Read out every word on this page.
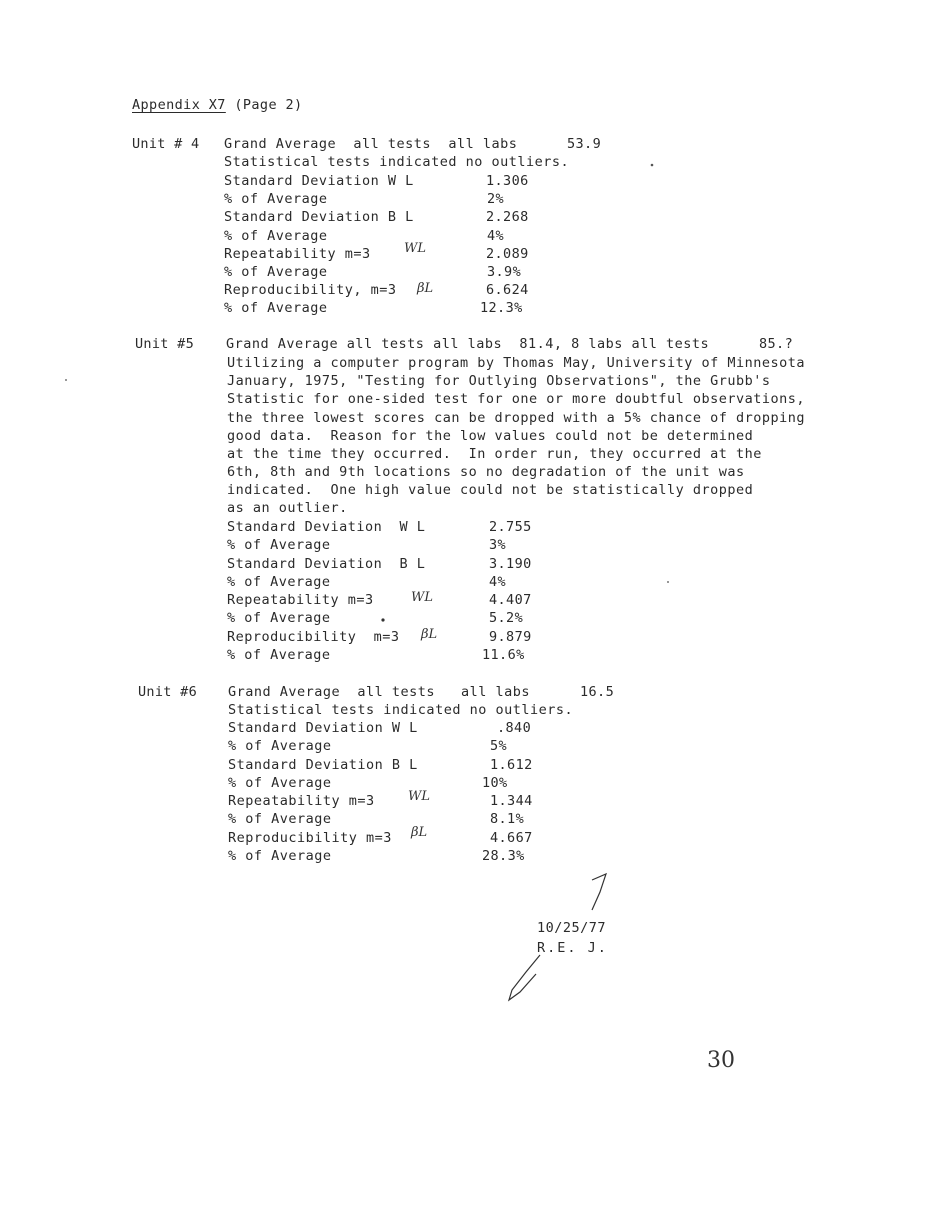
Appendix X7 (Page 2)
Unit # 4 Grand Average  all tests  all labs	53.9
Statistical tests indicated no outliers.
Standard Deviation W L	1.306
% of Average	2%
Standard Deviation B L	2.268
% of Average	4%
Repeatability m=3	WL	2.089
% of Average	3.9%
Reproducibility, m=3 βL	6.624
% of Average	12.3%
Unit #5 Grand Average all tests all labs  81.4, 8 labs all tests	85.?
Utilizing a computer program by Thomas May, University of Minnesota
January, 1975, "Testing for Outlying Observations", the Grubb's
Statistic for one-sided test for one or more doubtful observations,
the three lowest scores can be dropped with a 5% chance of dropping
good data.  Reason for the low values could not be determined
at the time they occurred.  In order run, they occurred at the
6th, 8th and 9th locations so no degradation of the unit was
indicated.  One high value could not be statistically dropped
as an outlier.
Standard Deviation  W L	2.755
% of Average	3%
Standard Deviation  B L	3.190
% of Average	4%
Repeatability m=3	WL	4.407
% of Average	5.2%
Reproducibility  m=3 βL	9.879
% of Average	11.6%
Unit #6 Grand Average  all tests   all labs	16.5
Statistical tests indicated no outliers.
Standard Deviation W L	.840
% of Average	5%
Standard Deviation B L	1.612
% of Average	10%
Repeatability m=3	WL	1.344
% of Average	8.1%
Reproducibility m=3 βL	4.667
% of Average	28.3%
10/25/77
R.E. J.
30
